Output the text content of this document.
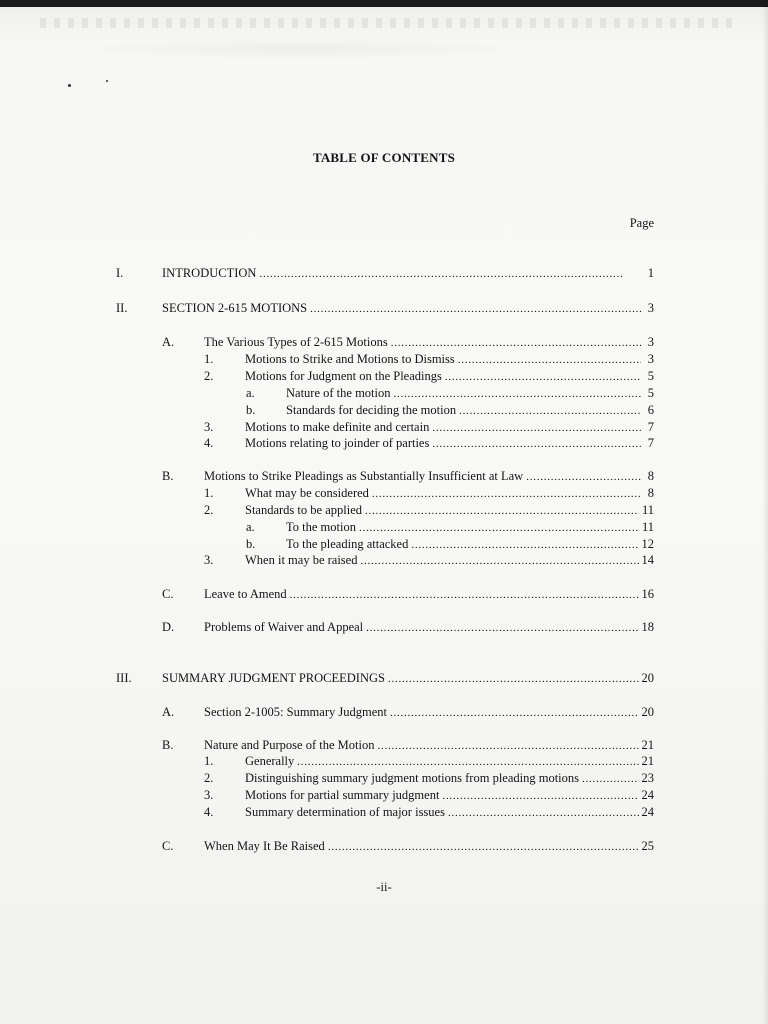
TABLE OF CONTENTS
Page
I.	INTRODUCTION . . .	1
II.	SECTION 2-615 MOTIONS . . .	3
A. The Various Types of 2-615 Motions . . .	3
1.	Motions to Strike and Motions to Dismiss . . .	3
2.	Motions for Judgment on the Pleadings . . .	5
a.	Nature of the motion . . .	5
b. Standards for deciding the motion . . .	6
3.	Motions to make definite and certain . . .	7
4.	Motions relating to joinder of parties . . .	7
B. Motions to Strike Pleadings as Substantially Insufficient at Law . . .	8
1.	What may be considered . . .	8
2.	Standards to be applied . . .	11
a.	To the motion . . .	11
b. To the pleading attacked . . .	12
3.	When it may be raised . . .	14
C. Leave to Amend . . .	16
D. Problems of Waiver and Appeal . . .	18
III. SUMMARY JUDGMENT PROCEEDINGS . . .	20
A. Section 2-1005: Summary Judgment . . .	20
B. Nature and Purpose of the Motion . . .	21
1.	Generally . . .	21
2.	Distinguishing summary judgment motions from pleading motions . . .	23
3.	Motions for partial summary judgment . . .	24
4.	Summary determination of major issues . . .	24
C. When May It Be Raised . . .	25
-ii-
